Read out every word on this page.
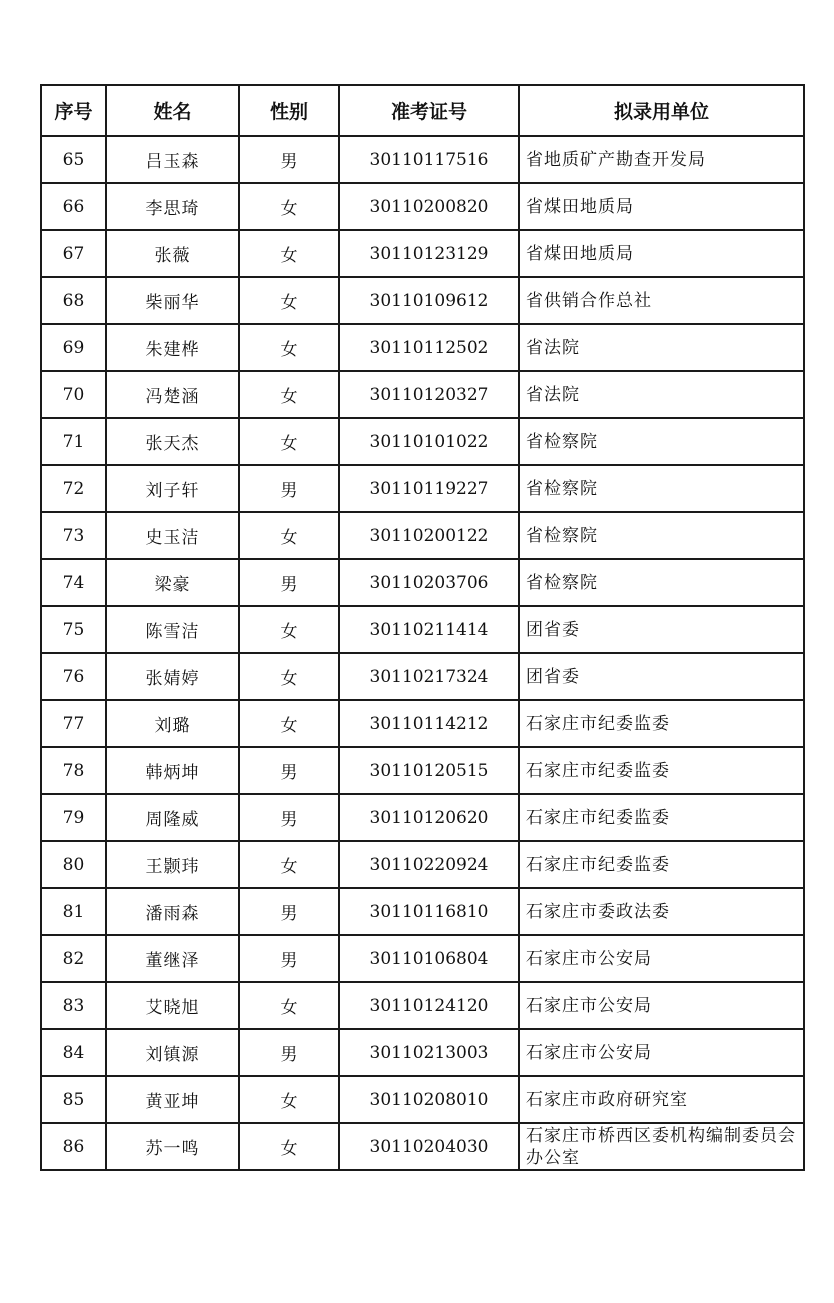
序号	姓名	性别	准考证号	拟录用单位
65	吕玉森	男	30110117516	省地质矿产勘查开发局
66	李思琦	女	30110200820	省煤田地质局
67	张薇	女	30110123129	省煤田地质局
68	柴丽华	女	30110109612	省供销合作总社
69	朱建桦	女	30110112502	省法院
70	冯楚涵	女	30110120327	省法院
71	张天杰	女	30110101022	省检察院
72	刘子轩	男	30110119227	省检察院
73	史玉洁	女	30110200122	省检察院
74	梁豪	男	30110203706	省检察院
75	陈雪洁	女	30110211414	团省委
76	张婧婷	女	30110217324	团省委
77	刘璐	女	30110114212	石家庄市纪委监委
78	韩炳坤	男	30110120515	石家庄市纪委监委
79	周隆威	男	30110120620	石家庄市纪委监委
80	王颢玮	女	30110220924	石家庄市纪委监委
81	潘雨森	男	30110116810	石家庄市委政法委
82	董继泽	男	30110106804	石家庄市公安局
83	艾晓旭	女	30110124120	石家庄市公安局
84	刘镇源	男	30110213003	石家庄市公安局
85	黄亚坤	女	30110208010	石家庄市政府研究室
86	苏一鸣	女	30110204030	石家庄市桥西区委机构编制委员会办公室
